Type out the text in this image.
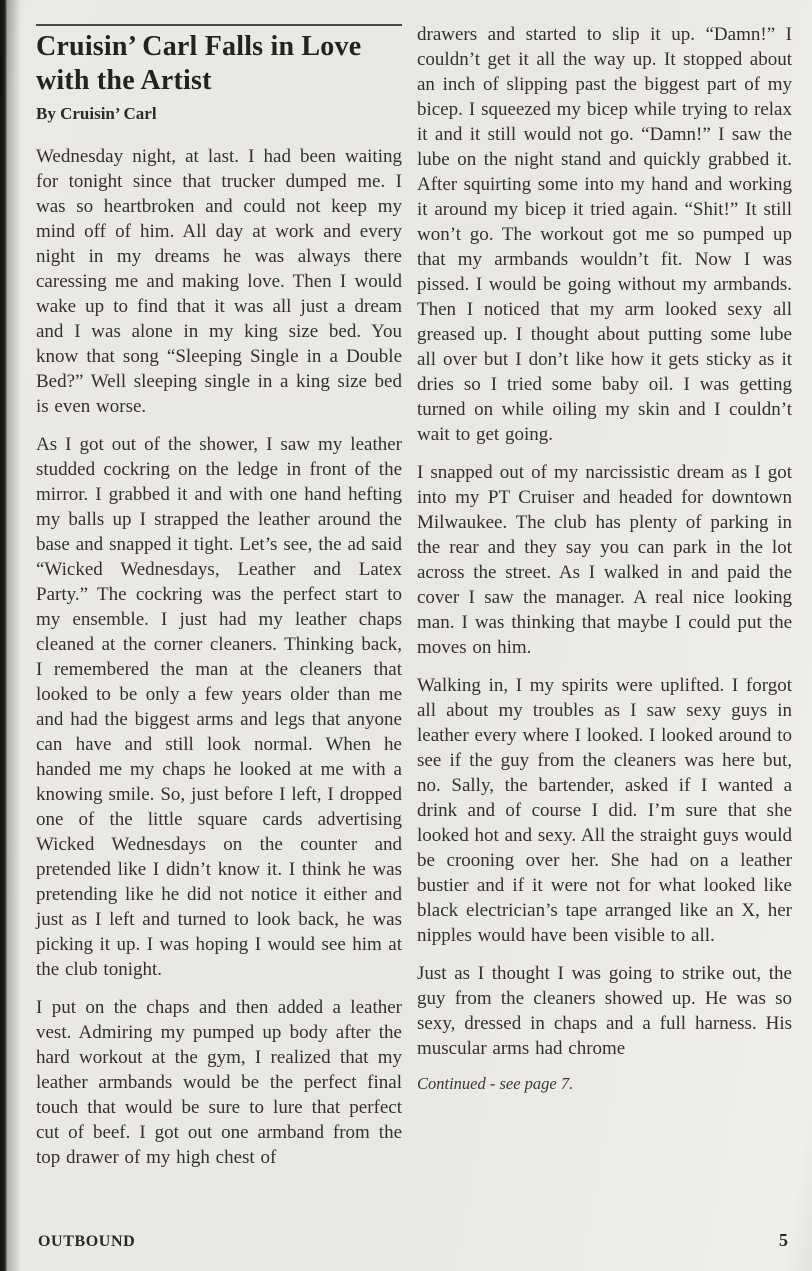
Cruisin’ Carl Falls in Love with the Artist
By Cruisin’ Carl

Wednesday night, at last. I had been waiting for tonight since that trucker dumped me. I was so heartbroken and could not keep my mind off of him. All day at work and every night in my dreams he was always there caressing me and making love. Then I would wake up to find that it was all just a dream and I was alone in my king size bed. You know that song “Sleeping Single in a Double Bed?” Well sleeping single in a king size bed is even worse.

As I got out of the shower, I saw my leather studded cockring on the ledge in front of the mirror. I grabbed it and with one hand hefting my balls up I strapped the leather around the base and snapped it tight. Let’s see, the ad said “Wicked Wednesdays, Leather and Latex Party.” The cockring was the perfect start to my ensemble. I just had my leather chaps cleaned at the corner cleaners. Thinking back, I remembered the man at the cleaners that looked to be only a few years older than me and had the biggest arms and legs that anyone can have and still look normal. When he handed me my chaps he looked at me with a knowing smile. So, just before I left, I dropped one of the little square cards advertising Wicked Wednesdays on the counter and pretended like I didn’t know it. I think he was pretending like he did not notice it either and just as I left and turned to look back, he was picking it up. I was hoping I would see him at the club tonight.

I put on the chaps and then added a leather vest. Admiring my pumped up body after the hard workout at the gym, I realized that my leather armbands would be the perfect final touch that would be sure to lure that perfect cut of beef. I got out one armband from the top drawer of my high chest of

drawers and started to slip it up. “Damn!” I couldn’t get it all the way up. It stopped about an inch of slipping past the biggest part of my bicep. I squeezed my bicep while trying to relax it and it still would not go. “Damn!” I saw the lube on the night stand and quickly grabbed it. After squirting some into my hand and working it around my bicep it tried again. “Shit!” It still won’t go. The workout got me so pumped up that my armbands wouldn’t fit. Now I was pissed. I would be going without my armbands. Then I noticed that my arm looked sexy all greased up. I thought about putting some lube all over but I don’t like how it gets sticky as it dries so I tried some baby oil. I was getting turned on while oiling my skin and I couldn’t wait to get going.

I snapped out of my narcissistic dream as I got into my PT Cruiser and headed for downtown Milwaukee. The club has plenty of parking in the rear and they say you can park in the lot across the street. As I walked in and paid the cover I saw the manager. A real nice looking man. I was thinking that maybe I could put the moves on him.

Walking in, I my spirits were uplifted. I forgot all about my troubles as I saw sexy guys in leather every where I looked. I looked around to see if the guy from the cleaners was here but, no. Sally, the bartender, asked if I wanted a drink and of course I did. I’m sure that she looked hot and sexy. All the straight guys would be crooning over her. She had on a leather bustier and if it were not for what looked like black electrician’s tape arranged like an X, her nipples would have been visible to all.

Just as I thought I was going to strike out, the guy from the cleaners showed up. He was so sexy, dressed in chaps and a full harness. His muscular arms had chrome

Continued - see page 7.
OUTBOUND	5
